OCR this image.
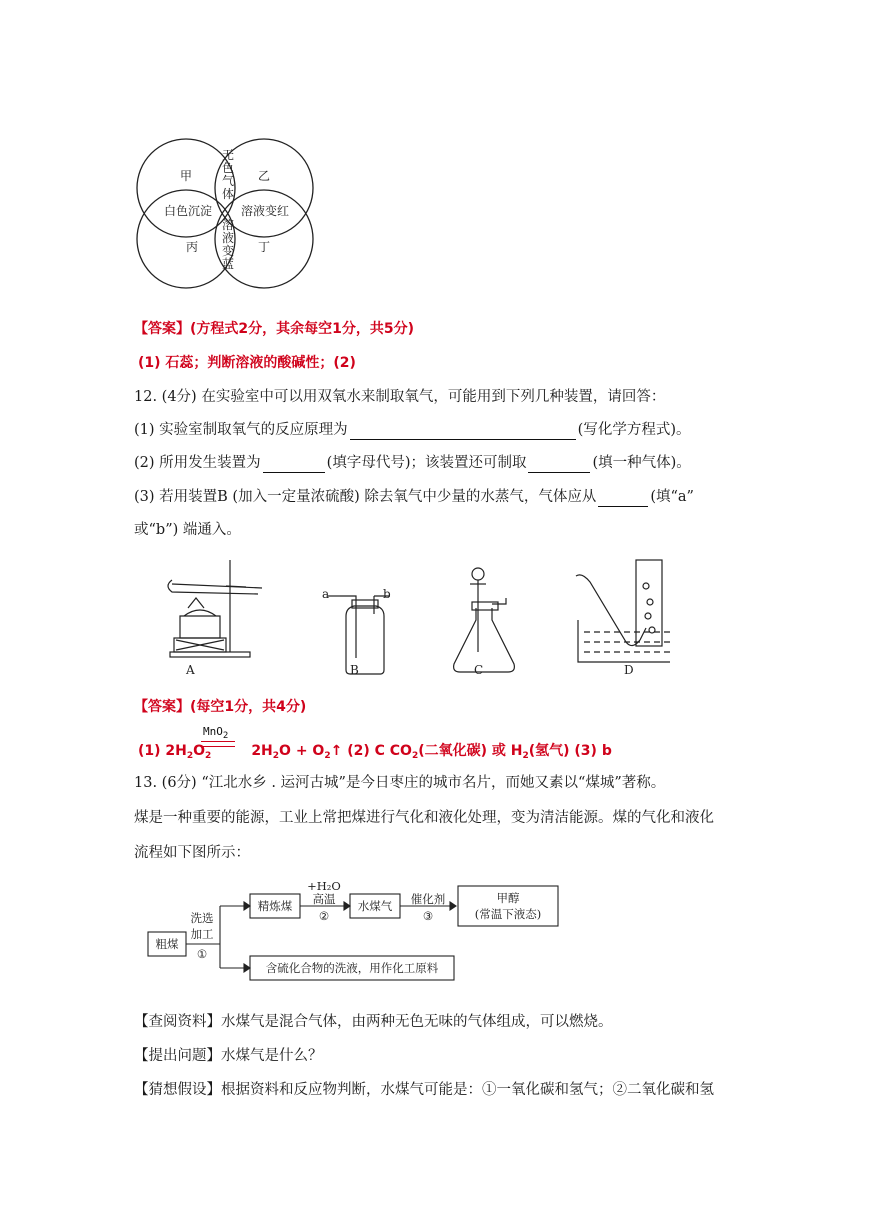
甲	乙
丙	丁
无
色
气
体
白色沉淀 溶液变红
溶
液
变
蓝
【答案】(方程式2分，其余每空1分，共5分)
(1) 石蕊；判断溶液的酸碱性；(2)
12. (4分) 在实验室中可以用双氧水来制取氧气，可能用到下列几种装置，请回答：
(1) 实验室制取氧气的反应原理为	(写化学方程式)。
(2) 所用发生装置为	(填字母代号)；该装置还可制取	(填一种气体)。
(3) 若用装置B (加入一定量浓硫酸) 除去氧气中少量的水蒸气，气体应从	(填“a”
或“b”) 端通入。
A	B	C	D
a	b
【答案】(每空1分，共4分)
MnO$_2$
(1) $2H_2O_2$	$2H_2O$ + $O_2↑$ (2) C $CO_2$(二氧化碳) 或 $H_2$(氢气) (3) b
13. (6分) “江北水乡 . 运河古城”是今日枣庄的城市名片，而她又素以“煤城”著称。
煤是一种重要的能源，工业上常把煤进行气化和液化处理，变为清洁能源。煤的气化和液化
流程如下图所示：
粗煤
洗选
加工
①
精炼煤
+H₂O
高温
②
水煤气 催化剂
③
甲醇
(常温下液态)
含硫化合物的洗液，用作化工原料
【查阅资料】水煤气是混合气体，由两种无色无味的气体组成，可以燃烧。
【提出问题】水煤气是什么？
【猜想假设】根据资料和反应物判断，水煤气可能是：①一氧化碳和氢气；②二氧化碳和氢
